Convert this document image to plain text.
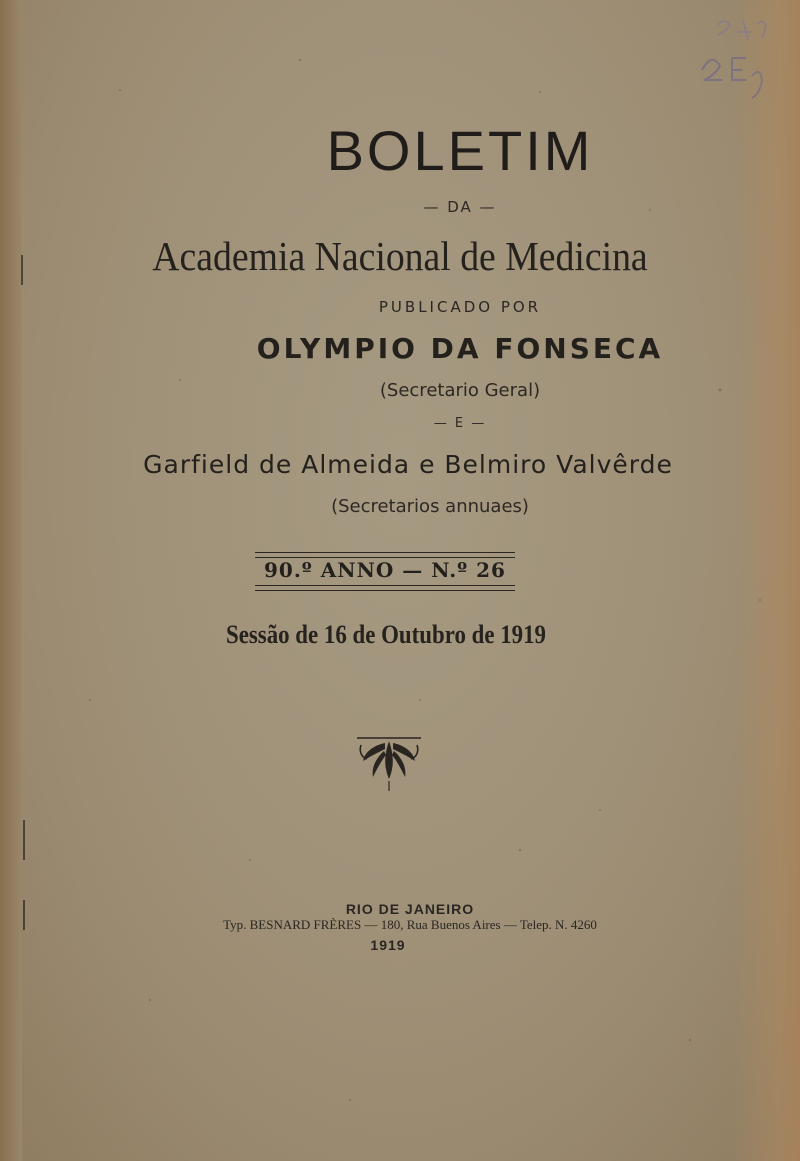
BOLETIM
— DA —
Academia Nacional de Medicina
PUBLICADO POR
OLYMPIO DA FONSECA
(Secretario Geral)
— E —
Garfield de Almeida e Belmiro Valvêrde
(Secretarios annuaes)
90.º ANNO — N.º 26
Sessão de 16 de Outubro de 1919
RIO DE JANEIRO
Typ. BESNARD FRÈRES — 180, Rua Buenos Aires — Telep. N. 4260
1919
